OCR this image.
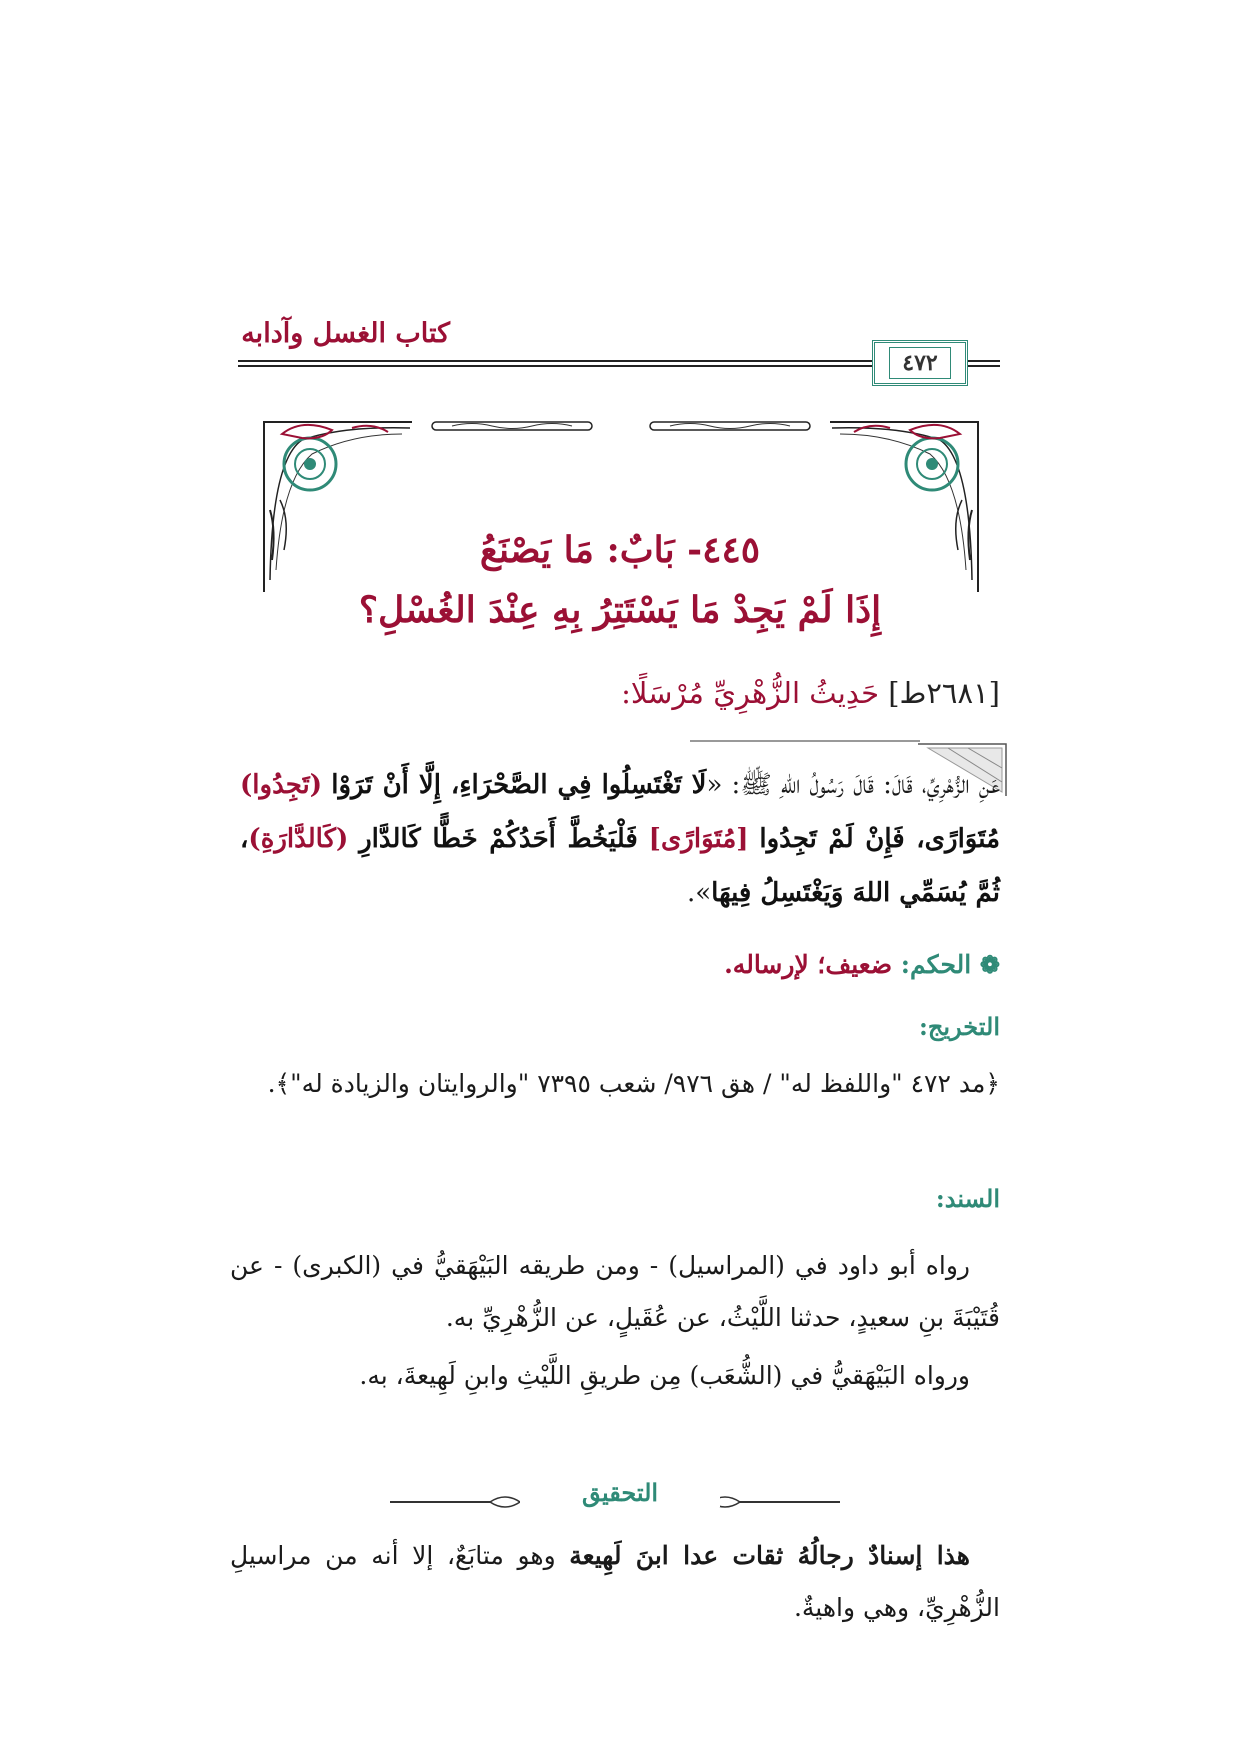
كتاب الغسل وآدابه
٤٧٢
٤٤٥- بَابٌ: مَا يَصْنَعُ
إِذَا لَمْ يَجِدْ مَا يَسْتَتِرُ بِهِ عِنْدَ الغُسْلِ؟
[٢٦٨١ط] حَدِيثُ الزُّهْرِيِّ مُرْسَلًا:
عَنِ الزُّهْرِيِّ، قَالَ: قَالَ رَسُولُ اللهِ ﷺ: «لَا تَغْتَسِلُوا فِي الصَّحْرَاءِ، إِلَّا أَنْ تَرَوْا (تَجِدُوا) مُتَوَارًى، فَإِنْ لَمْ تَجِدُوا [مُتَوَارًى] فَلْيَخُطَّ أَحَدُكُمْ خَطًّا كَالدَّارِ (كَالدَّارَةِ)، ثُمَّ يُسَمِّي اللهَ وَيَغْتَسِلُ فِيهَا».
❁ الحكم: ضعيف؛ لإرساله.
التخريج:
﴿مد ٤٧٢ "واللفظ له" / هق ٩٧٦/ شعب ٧٣٩٥ "والروايتان والزيادة له"﴾.
السند:
رواه أبو داود في (المراسيل) - ومن طريقه البَيْهَقيُّ في (الكبرى) - عن قُتَيْبَةَ بنِ سعيدٍ، حدثنا اللَّيْثُ، عن عُقَيلٍ، عن الزُّهْرِيِّ به.
ورواه البَيْهَقيُّ في (الشُّعَب) مِن طريقِ اللَّيْثِ وابنِ لَهِيعةَ، به.
التحقيق
هذا إسنادٌ رجالُهُ ثقات عدا ابنَ لَهِيعة وهو متابَعٌ، إلا أنه من مراسيلِ الزُّهْرِيِّ، وهي واهيةٌ.
